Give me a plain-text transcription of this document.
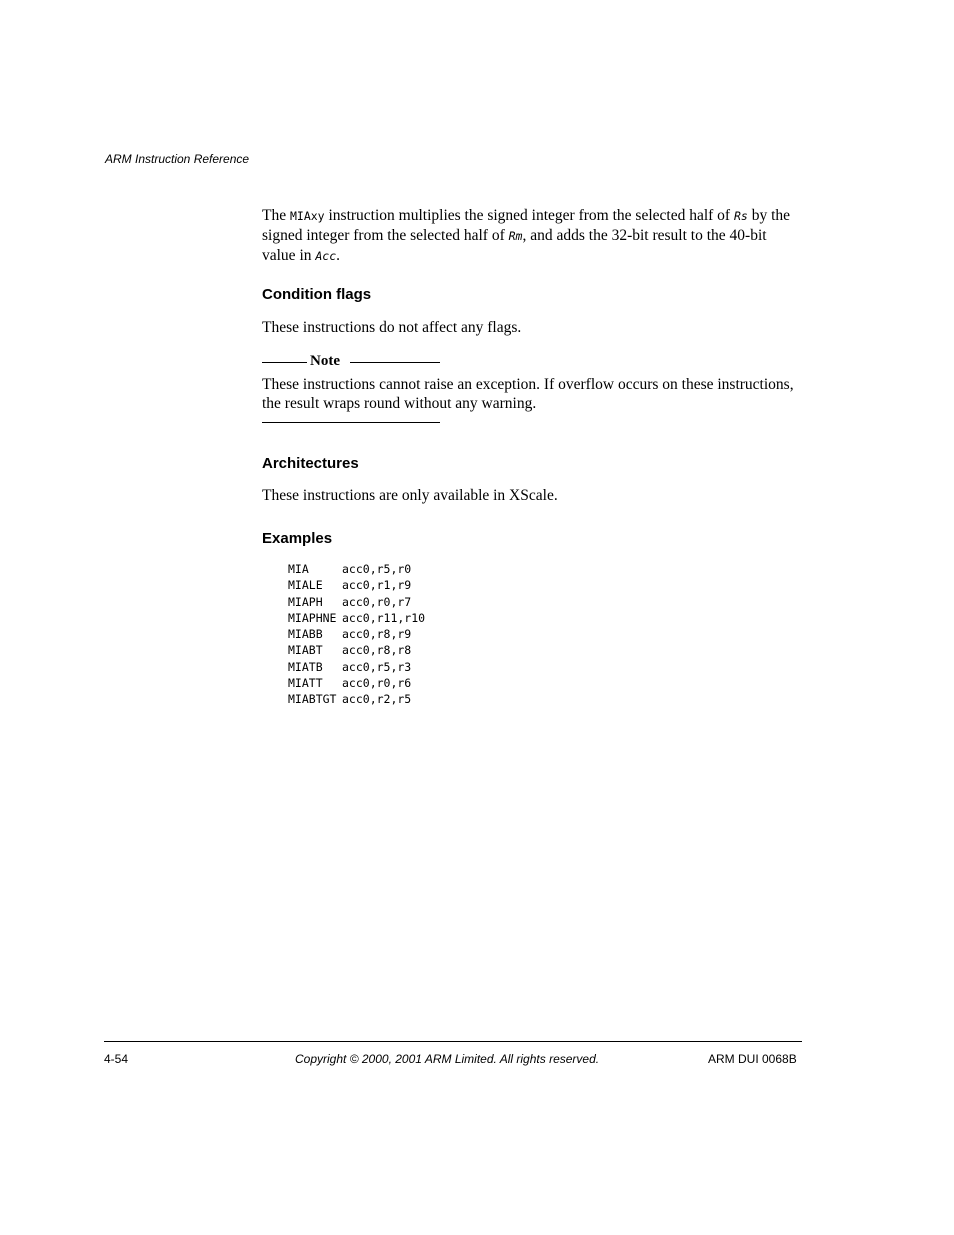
ARM Instruction Reference

The MIAxy instruction multiplies the signed integer from the selected half of Rs by the signed integer from the selected half of Rm, and adds the 32-bit result to the 40-bit value in Acc.

Condition flags

These instructions do not affect any flags.

Note

These instructions cannot raise an exception. If overflow occurs on these instructions, the result wraps round without any warning.

Architectures

These instructions are only available in XScale.

Examples
MIA	acc0,r5,r0
MIALE	acc0,r1,r9
MIAPH	acc0,r0,r7
MIAPHNE acc0,r11,r10
MIABB	acc0,r8,r9
MIABT	acc0,r8,r8
MIATB	acc0,r5,r3
MIATT	acc0,r0,r6
MIABTGT acc0,r2,r5
4-54	Copyright © 2000, 2001 ARM Limited. All rights reserved.	ARM DUI 0068B
